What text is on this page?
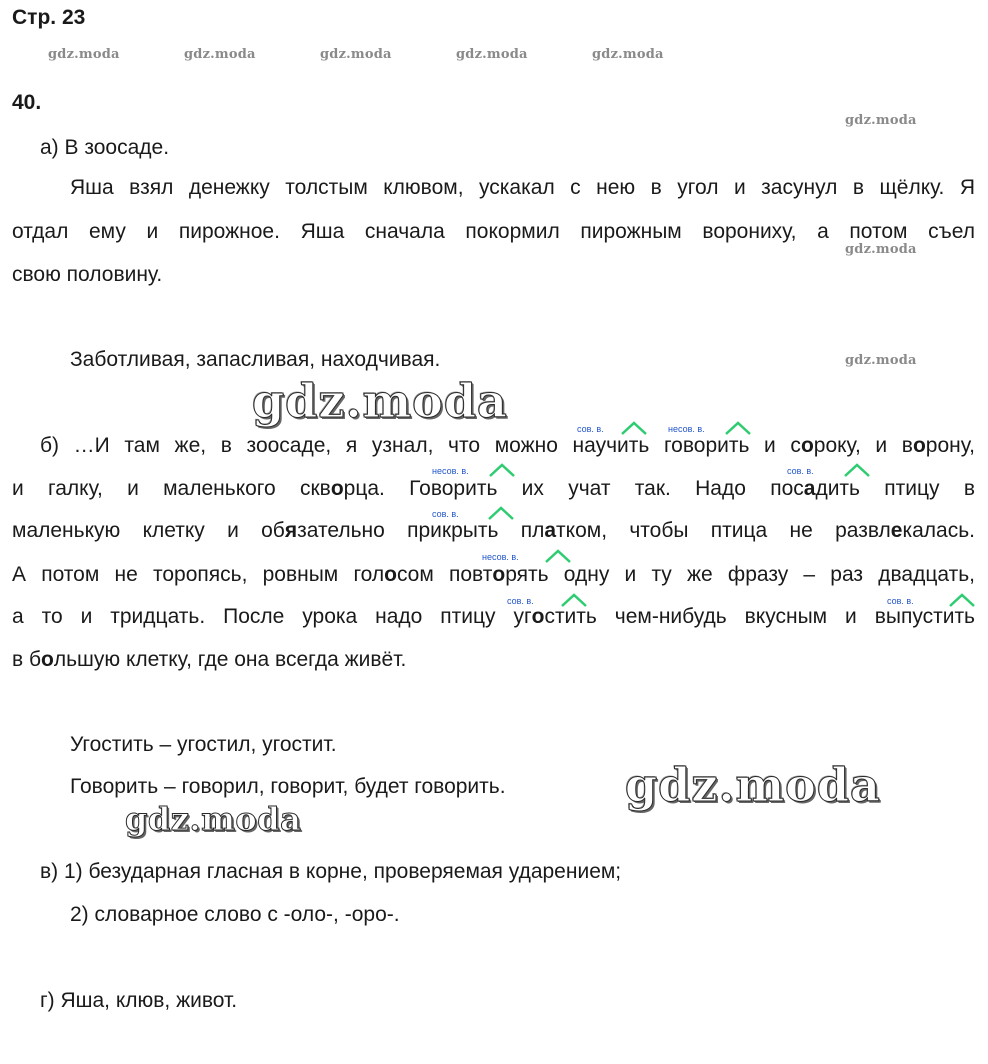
Стр. 23
gdz.moda	gdz.moda	gdz.moda	gdz.moda	gdz.moda
40.
gdz.moda
а) В зоосаде.
Яша взял денежку толстым клювом, ускакал с нею в угол и засунул в щёлку. Я
отдал ему и пирожное. Яша сначала покормил пирожным ворониху, а потом съел
gdz.moda
свою половину.
Заботливая, запасливая, находчивая.	gdz.moda
gdz.moda
сов. в.	несов. в.
несов. в.	сов. в.
сов. в.
несов. в.
сов. в.	сов. в.
б) …И там же, в зоосаде, я узнал, что можно научить говорить и сороку, и ворону,
и галку, и маленького скворца. Говорить их учат так. Надо посадить птицу в
маленькую клетку и обязательно прикрыть платком, чтобы птица не развлекалась.
А потом не торопясь, ровным голосом повторять одну и ту же фразу – раз двадцать,
а то и тридцать. После урока надо птицу угостить чем-нибудь вкусным и выпустить
в большую клетку, где она всегда живёт.
Угостить – угостил, угостит.
Говорить – говорил, говорит, будет говорить.	gdz.moda
gdz.moda
в) 1) безударная гласная в корне, проверяемая ударением;
2) словарное слово с -оло-, -оро-.
г) Яша, клюв, живот.
